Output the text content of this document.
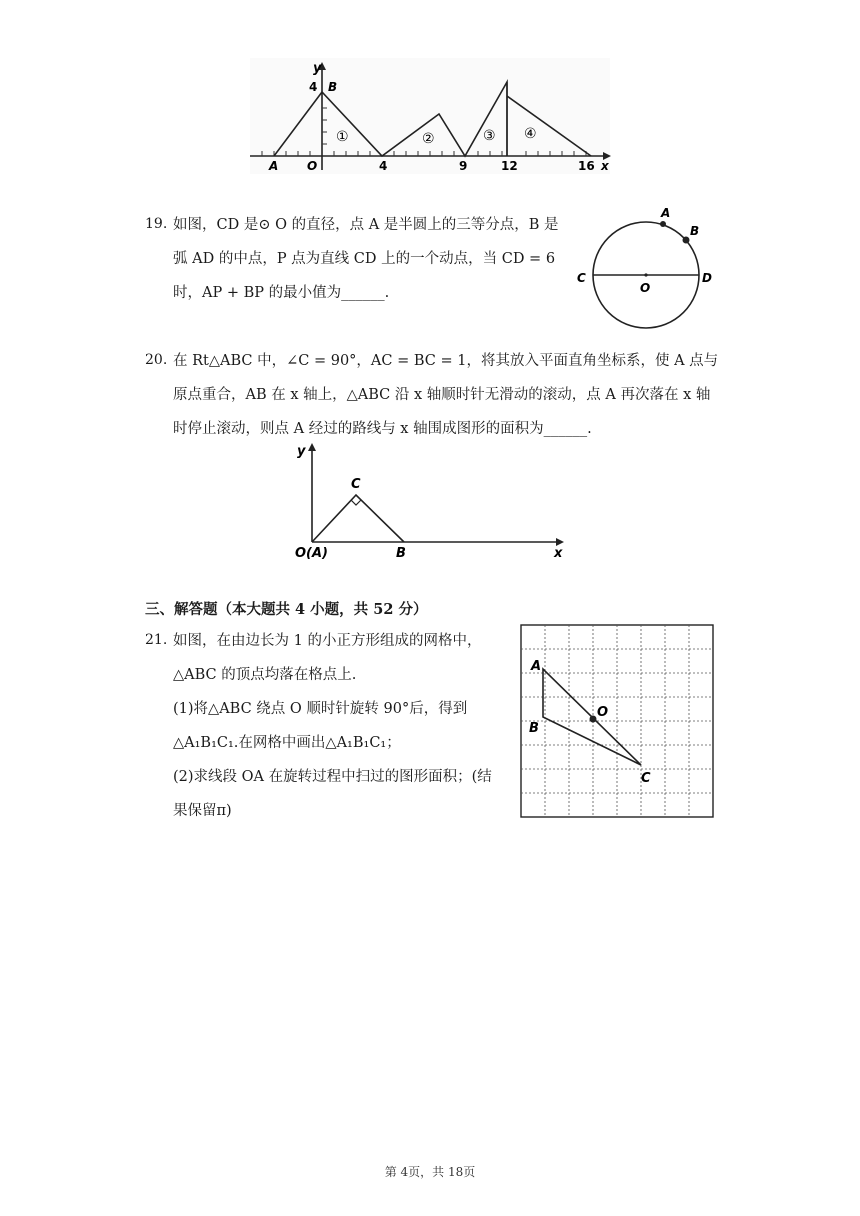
y
4 B
A O	4	9	12	16 x
①	②	③ ④
19. 如图，CD 是⊙ O 的直径，点 A 是半圆上的三等分点，B 是
弧 AD 的中点，P 点为直线 CD 上的一个动点，当 CD = 6
时，AP + BP 的最小值为______.
A
B
C
O
D
20. 在 Rt△ABC 中，∠C = 90°，AC = BC = 1，将其放入平面直角坐标系，使 A 点与
原点重合，AB 在 x 轴上，△ABC 沿 x 轴顺时针无滑动的滚动，点 A 再次落在 x 轴
时停止滚动，则点 A 经过的路线与 x 轴围成图形的面积为______.
y
C
O(A)	B	x
三、解答题（本大题共 4 小题，共 52 分）
21. 如图，在由边长为 1 的小正方形组成的网格中，
△ABC 的顶点均落在格点上.
(1)将△ABC 绕点 O 顺时针旋转 90°后，得到
△A₁B₁C₁.在网格中画出△A₁B₁C₁；
(2)求线段 OA 在旋转过程中扫过的图形面积；(结
果保留π)
A
O
B
C
第 4页，共 18页
